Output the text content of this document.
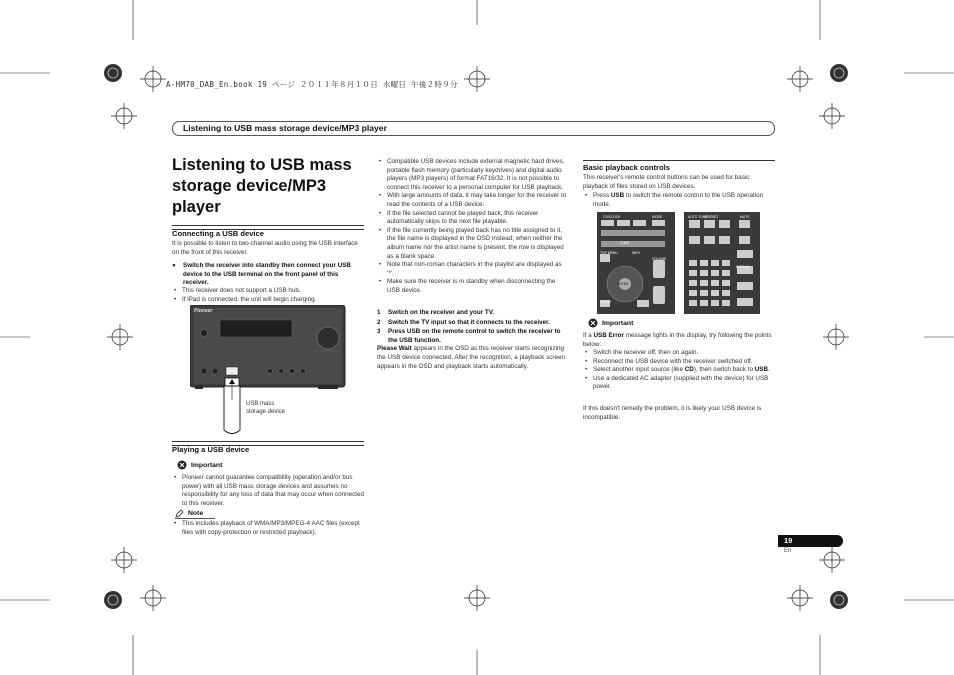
A-HM70_DAB_En.book 19 ページ ２０１１年８月１０日 水曜日 午後２時９分
Listening to USB mass storage device/MP3 player
Listening to USB mass
storage device/MP3
player
Connecting a USB device
It is possible to listen to two-channel audio using the USB interface on the front of this receiver.
●	Switch the receiver into standby then connect your USB device to the USB terminal on the front panel of this receiver.
• This receiver does not support a USB hub.
• If iPad is connected, the unit will begin charging.
Pioneer
USB mass
storage device
Playing a USB device
Important
• Pioneer cannot guarantee compatibility (operation and/or bus power) with all USB mass storage devices and assumes no responsibility for any loss of data that may occur when connected to this receiver.
Note
• This includes playback of WMA/MP3/MPEG-4 AAC files (except files with copy-protection or restricted playback).
• Compatible USB devices include external magnetic hard drives, portable flash memory (particularly keydrives) and digital audio players (MP3 players) of format FAT16/32. It is not possible to connect this receiver to a personal computer for USB playback.
• With large amounts of data, it may take longer for the receiver to read the contents of a USB device.
• If the file selected cannot be played back, this receiver automatically skips to the next file playable.
• If the file currently being played back has no title assigned to it, the file name is displayed in the OSD instead; when neither the album name nor the artist name is present, the row is displayed as a blank space.
• Note that non-roman characters in the playlist are displayed as '*'.
• Make sure the receiver is in standby when disconnecting the USB device.
1	Switch on the receiver and your TV.
2	Switch the TV input so that it connects to the receiver.
3	Press USB on the remote control to switch the receiver to the USB function.
Please Wait appears in the OSD as this receiver starts recognizing the USB device connected. After the recognition, a playback screen appears in the OSD and playback starts automatically.
Basic playback controls
This receiver's remote control buttons can be used for basic playback of files stored on USB devices.
• Press USB to switch the remote control to the USB operation mode.
CD/CLOCK	MODE
TOP MENU	INFO
ENTER
VOLUME
AUDIO
AUTO TUNE
TUNE
PRESET
DISPLAY
MUTE
Important
If a USB Error message lights in the display, try following the points below:
• Switch the receiver off, then on again.
• Reconnect the USB device with the receiver switched off.
• Select another input source (like CD), then switch back to USB.
• Use a dedicated AC adapter (supplied with the device) for USB power.
If this doesn't remedy the problem, it is likely your USB device is incompatible.
19
En
